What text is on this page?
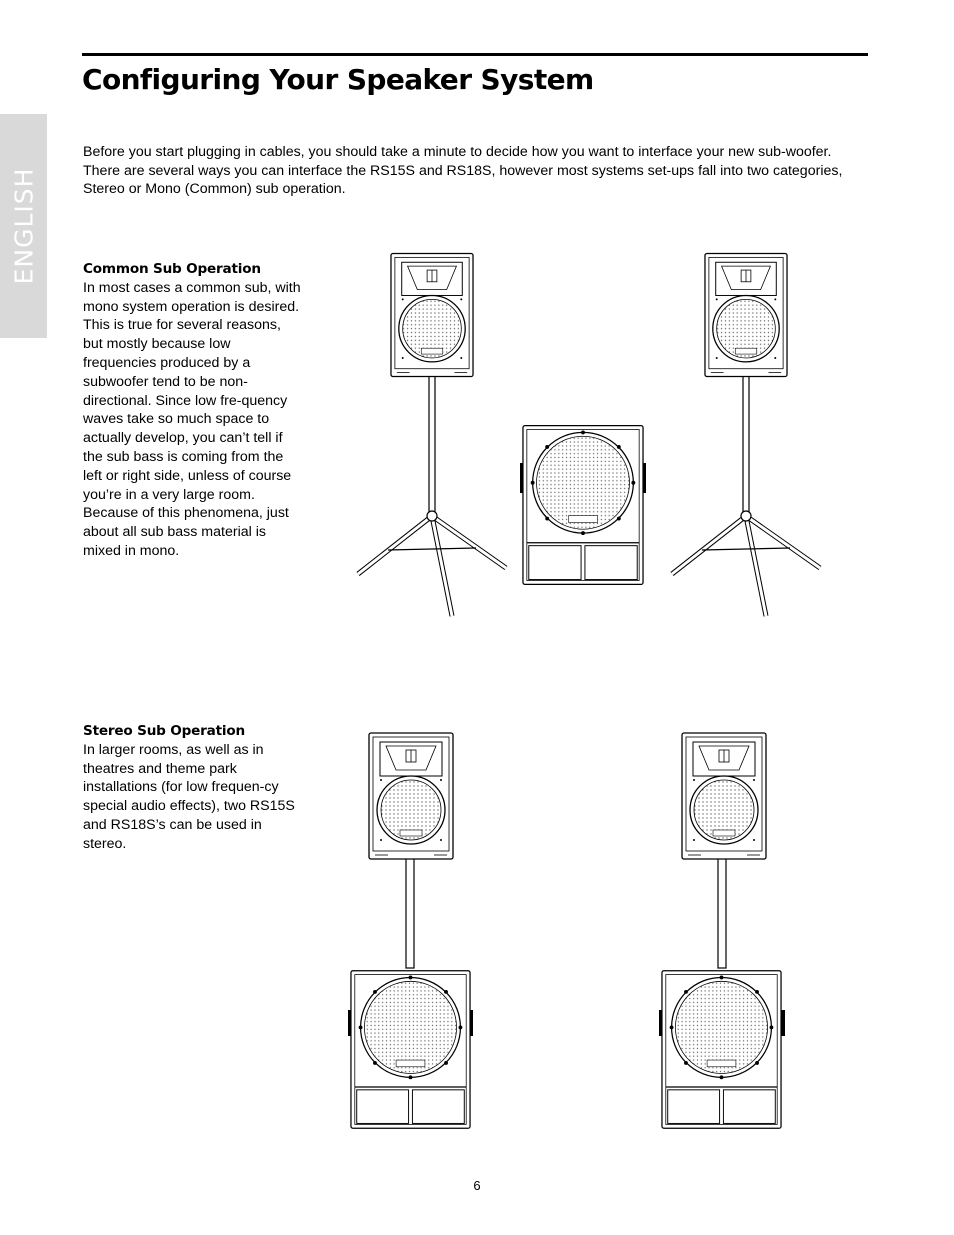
Configuring Your Speaker System
ENGLISH

Before you start plugging in cables, you should take a minute to decide how you want to interface your new sub-woofer. There are several ways you can interface the RS15S and RS18S, however most systems set-ups fall into two categories, Stereo or Mono (Common) sub operation.

Common Sub Operation

In most cases a common sub, with mono system operation is desired. This is true for several reasons, but mostly because low frequencies produced by a subwoofer tend to be non-directional. Since low fre-quency waves take so much space to actually develop, you can’t tell if the sub bass is coming from the left or right side, unless of course you’re in a very large room. Because of this phenomena, just about all sub bass material is mixed in mono.

Stereo Sub Operation

In larger rooms, as well as in theatres and theme park installations (for low frequen-cy special audio effects), two RS15S and RS18S’s can be used in stereo.

6
